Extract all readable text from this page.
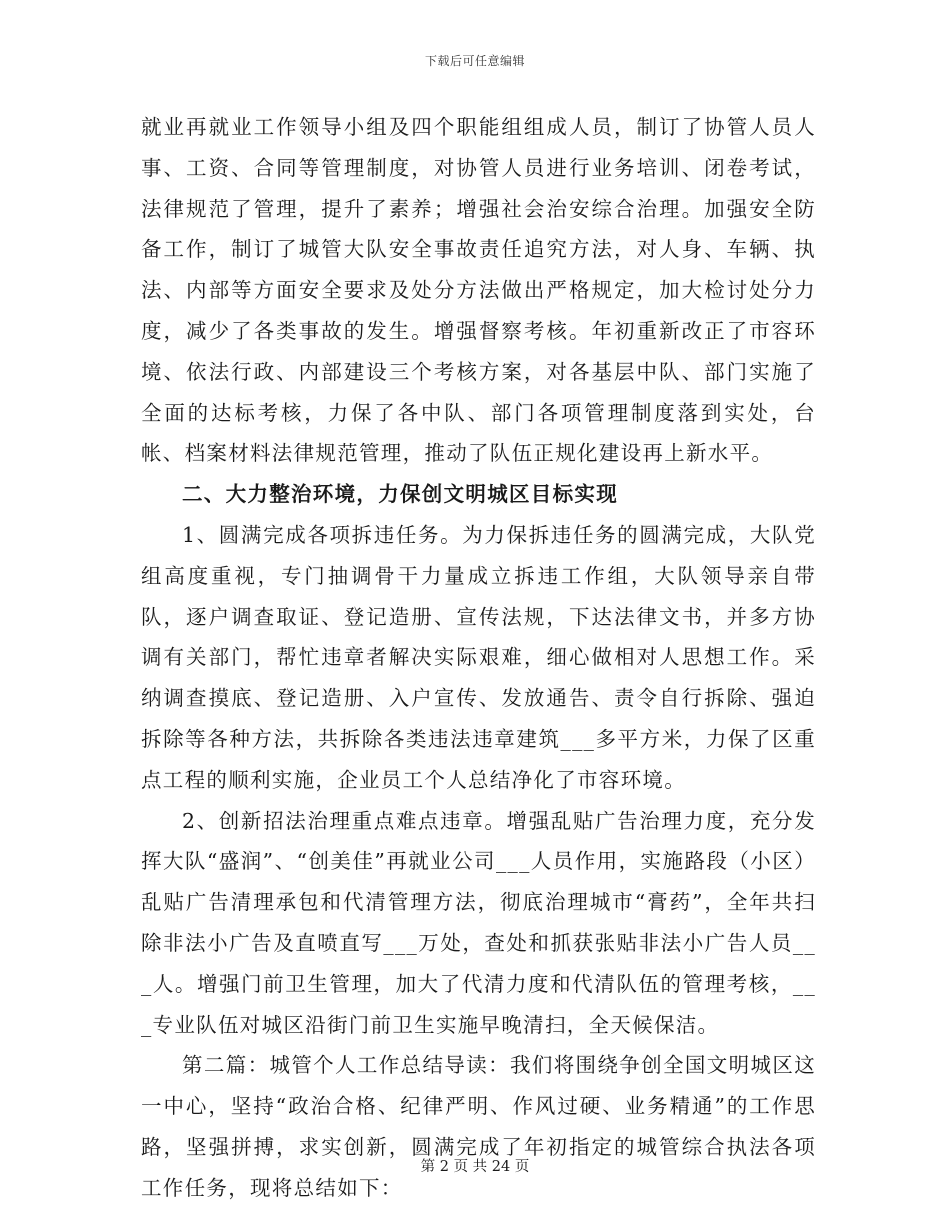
下载后可任意编辑

就业再就业工作领导小组及四个职能组组成人员，制订了协管人员人事、工资、合同等管理制度，对协管人员进行业务培训、闭卷考试，法律规范了管理，提升了素养；增强社会治安综合治理。加强安全防备工作，制订了城管大队安全事故责任追究方法，对人身、车辆、执法、内部等方面安全要求及处分方法做出严格规定，加大检讨处分力度，减少了各类事故的发生。增强督察考核。年初重新改正了市容环境、依法行政、内部建设三个考核方案，对各基层中队、部门实施了全面的达标考核，力保了各中队、部门各项管理制度落到实处，台帐、档案材料法律规范管理，推动了队伍正规化建设再上新水平。

二、大力整治环境，力保创文明城区目标实现

1、圆满完成各项拆违任务。为力保拆违任务的圆满完成，大队党组高度重视，专门抽调骨干力量成立拆违工作组，大队领导亲自带队，逐户调查取证、登记造册、宣传法规，下达法律文书，并多方协调有关部门，帮忙违章者解决实际艰难，细心做相对人思想工作。采纳调查摸底、登记造册、入户宣传、发放通告、责令自行拆除、强迫拆除等各种方法，共拆除各类违法违章建筑___多平方米，力保了区重点工程的顺利实施，企业员工个人总结净化了市容环境。

2、创新招法治理重点难点违章。增强乱贴广告治理力度，充分发挥大队“盛润”、“创美佳”再就业公司___人员作用，实施路段（小区）乱贴广告清理承包和代清管理方法，彻底治理城市“膏药”，全年共扫除非法小广告及直喷直写___万处，查处和抓获张贴非法小广告人员___人。增强门前卫生管理，加大了代清力度和代清队伍的管理考核，___专业队伍对城区沿街门前卫生实施早晚清扫，全天候保洁。

第二篇：城管个人工作总结导读：我们将围绕争创全国文明城区这一中心，坚持“政治合格、纪律严明、作风过硬、业务精通”的工作思路，坚强拼搏，求实创新，圆满完成了年初指定的城管综合执法各项工作任务，现将总结如下：

第 2 页 共 24 页
